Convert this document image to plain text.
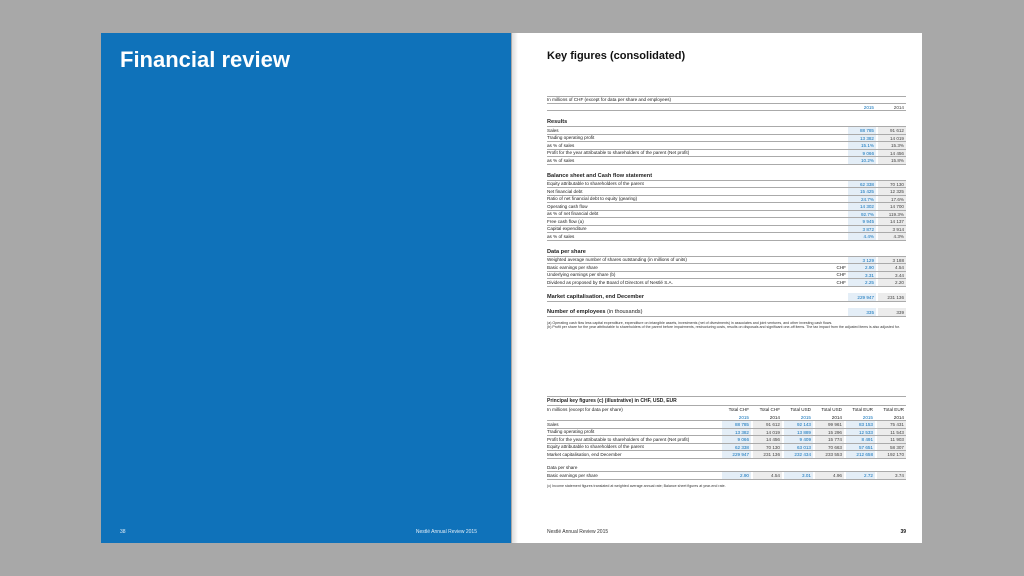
Financial review
38	Nestlé Annual Review 2015
Key figures (consolidated)
In millions of CHF (except for data per share and employees)
2015	2014
Results
Sales	88 785	91 612
Trading operating profit	13 382	14 019
as % of sales	15.1%	15.3%
Profit for the year attributable to shareholders of the parent (Net profit)	9 066	14 456
as % of sales	10.2%	15.8%
Balance sheet and Cash flow statement
Equity attributable to shareholders of the parent	62 338	70 130
Net financial debt	15 425	12 325
Ratio of net financial debt to equity (gearing)	24.7%	17.6%
Operating cash flow	14 302	14 700
as % of net financial debt	92.7%	119.3%
Free cash flow (a)	9 945	14 137
Capital expenditure	3 872	3 914
as % of sales	4.4%	4.3%
Data per share
Weighted average number of shares outstanding (in millions of units)	3 129	3 188
Basic earnings per share	CHF	2.90	4.54
Underlying earnings per share (b)	CHF	3.31	3.44
Dividend as proposed by the Board of Directors of Nestlé S.A.	CHF	2.25	2.20
Market capitalisation, end December	229 947	231 136
Number of employees (in thousands)	335	339
(a) Operating cash flow less capital expenditure, expenditure on intangible assets, investments (net of divestments) in associates and joint ventures, and other investing cash flows.
(b) Profit per share for the year attributable to shareholders of the parent before impairments, restructuring costs, results on disposals and significant one-off items. The tax impact from the adjusted items is also adjusted for.
Principal key figures (c) (illustrative) in CHF, USD, EUR
In millions (except for data per share)	Total CHF	Total CHF	Total USD	Total USD	Total EUR	Total EUR
2015	2014	2015	2014	2015	2014
Sales	88 785	91 612	92 143	99 961	83 153	75 431
Trading operating profit	13 382	14 019	13 889	15 296	12 533	11 543
Profit for the year attributable to shareholders of the parent (Net profit)	9 066	14 456	9 409	15 774	8 491	11 903
Equity attributable to shareholders of the parent	62 338	70 130	63 013	70 663	57 651	58 307
Market capitalisation, end December	229 947	231 136	232 434	233 553	212 658	192 170
Data per share
Basic earnings per share	2.90	4.54	3.01	4.96	2.72	3.74
(c) Income statement figures translated at weighted average annual rate; Balance sheet figures at year-end rate.
Nestlé Annual Review 2015	39
